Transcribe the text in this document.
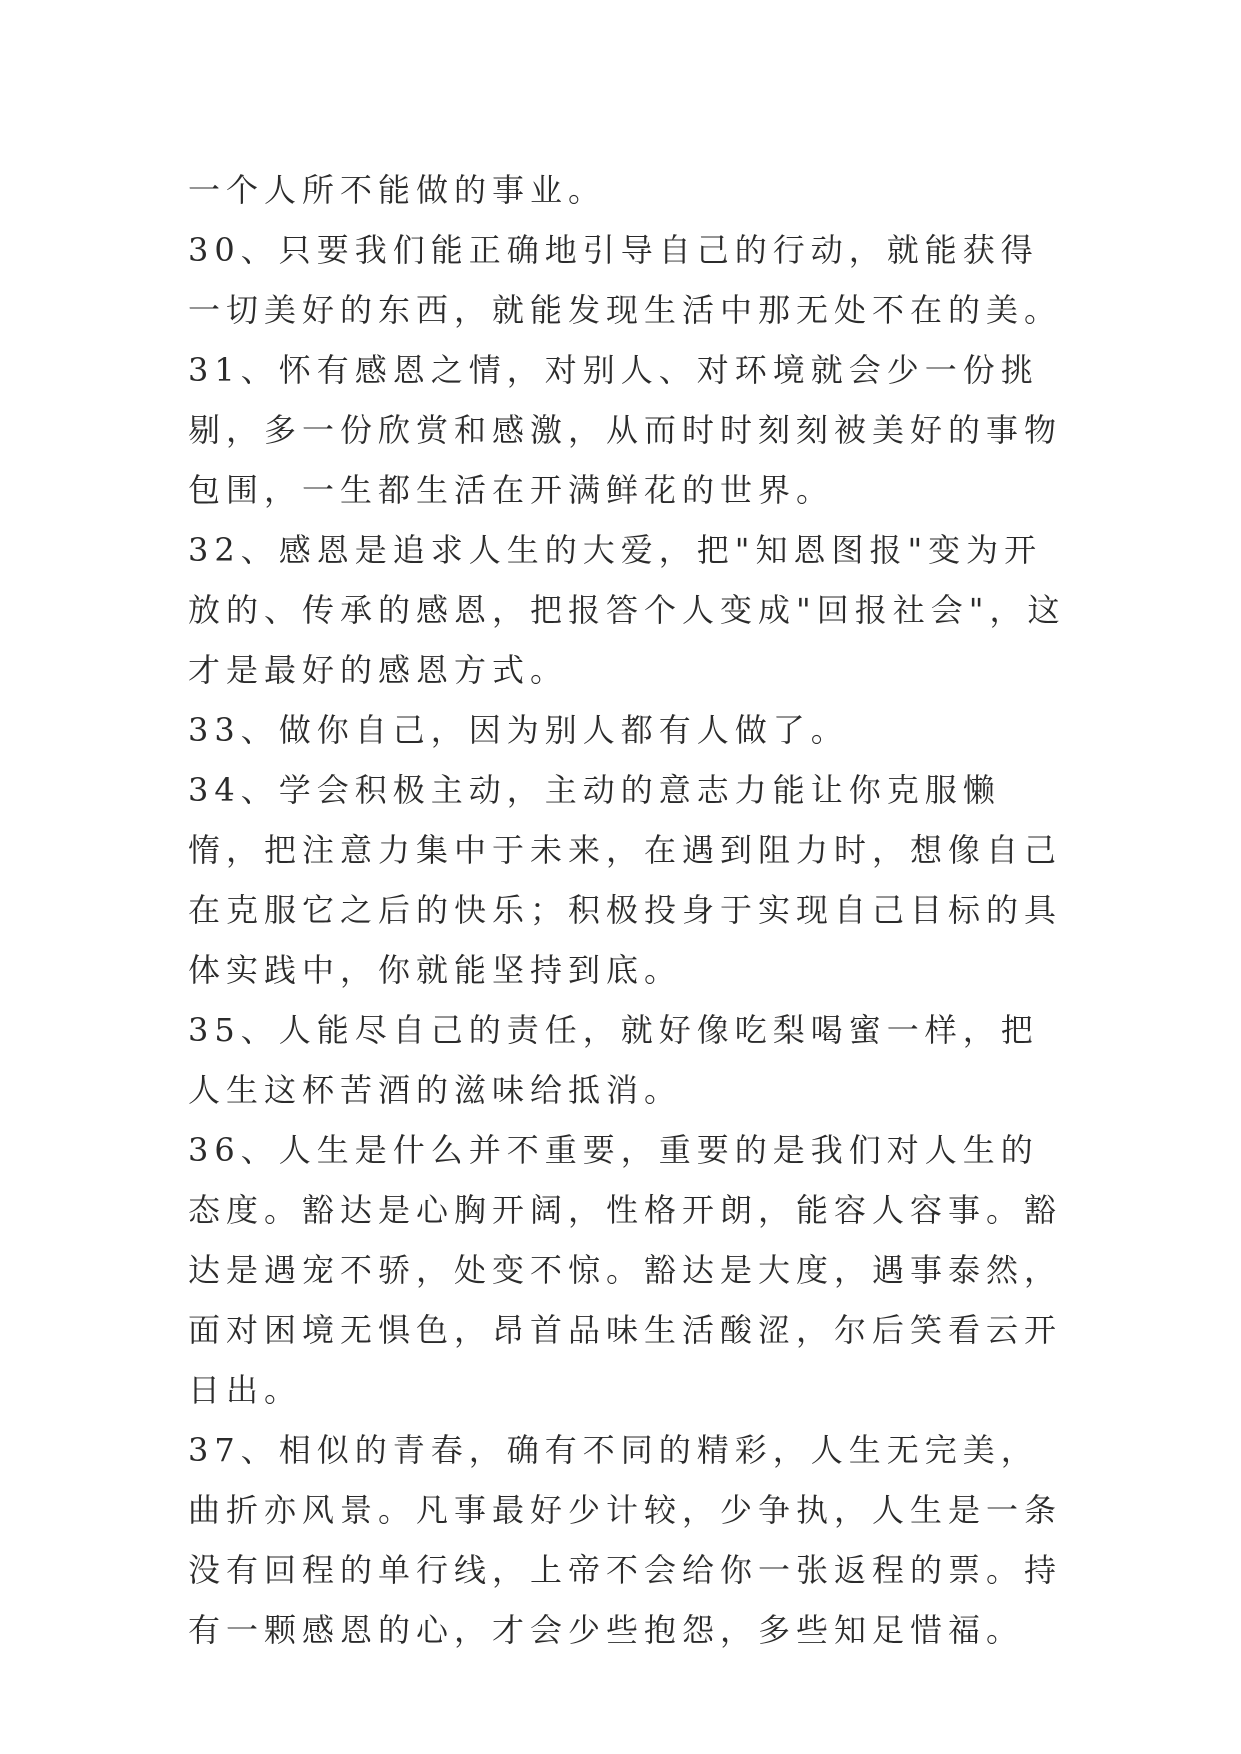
一个人所不能做的事业。

30、只要我们能正确地引导自己的行动，就能获得一切美好的东西，就能发现生活中那无处不在的美。

31、怀有感恩之情，对别人、对环境就会少一份挑剔，多一份欣赏和感激，从而时时刻刻被美好的事物包围，一生都生活在开满鲜花的世界。

32、感恩是追求人生的大爱，把"知恩图报"变为开放的、传承的感恩，把报答个人变成"回报社会"，这才是最好的感恩方式。

33、做你自己，因为别人都有人做了。

34、学会积极主动，主动的意志力能让你克服懒惰，把注意力集中于未来，在遇到阻力时，想像自己在克服它之后的快乐；积极投身于实现自己目标的具体实践中，你就能坚持到底。

35、人能尽自己的责任，就好像吃梨喝蜜一样，把人生这杯苦酒的滋味给抵消。

36、人生是什么并不重要，重要的是我们对人生的态度。豁达是心胸开阔，性格开朗，能容人容事。豁达是遇宠不骄，处变不惊。豁达是大度，遇事泰然，面对困境无惧色，昂首品味生活酸涩，尔后笑看云开日出。

37、相似的青春，确有不同的精彩，人生无完美，曲折亦风景。凡事最好少计较，少争执，人生是一条没有回程的单行线，上帝不会给你一张返程的票。持有一颗感恩的心，才会少些抱怨，多些知足惜福。
